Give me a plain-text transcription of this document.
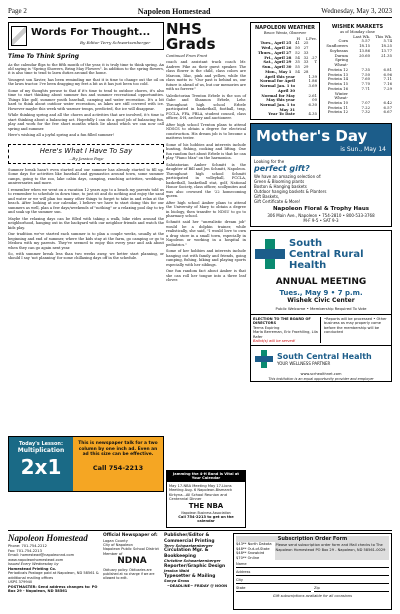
Page 2	Napoleon Homestead	Wednesday, May 3, 2023
Words For Thought...
By Editor Terry Schwartzenberger
Time To Think Spring

As the calendar flips to the fifth month of the year, it is truly time to think spring. An old saying is "Spring Showers, Bring May Flowers". In addition to the spring flowers, it is also time to tend to lawn duties around the home.

Youngest son Xavier, has been reminding me that it is time to change out the oil on the lawn tractor. I've been dragging my feet a bit as it has just been too cold.

Some of my thoughts peruse to that if it's time to tend to outdoor chores, it's also time to start thinking about summer fun and summer recreational opportunities. Things like golf, summer youth baseball, camping and water recreation. It's a bit hard to think about outdoor water recreation, as lakes are still covered with ice. However maybe this week with warmer temps, predicted, the ice will disappear.

While thinking spring and all the chores and activities that are involved, it's time to start thinking about a balancing act. Hopefully I can do a good job of balancing fun, play and work for the few short months which lie ahead which we can now call spring and summer.

Here's wishing all a joyful spring and a fun filled summer!

Here's What I Have To Say
...By Jessica Faye

Summer break hasn't even started and our summer has already started to fill up. Some days for activities like baseball and gymnastics around town, some summer camps, going to the zoo, lake cabin days, camping, ranching activities, weddings, anniversaries and more.

I remember when we went on a vacation 12 years ago to a beach my parents told us to remember to schedule in down time, to just sit and do nothing and enjoy the sand and water or we will plan too many other things to forget to take in and relax at the beach. After looking at our calendar, I believe we have to start doing this for our summers as well, plan a few days/weekends of "nothing" or a relaxing pool day to try and soak up the summer sun.

Maybe the relaxing days can be filled with taking a walk, bike rides around the neighborhood, hanging out in the backyard with our neighbor friends and watch the kids play.

Our tradition we've started each summer is to plan a couple weeks, usually at the beginning and end of summer, where the kids stay at the farm, go camping or go to Medora with my parents. They've seemed to enjoy this every year and ask about when they can go again next year.

So, with summer break less than two weeks away, we better start planning, or should I say 'not planning' for some chillaxing days off in the schedule.

Today's Lesson:
Multiplication
2x1
This is newspaper talk for a two column by one inch ad. Even an ad this size can be effective.
Call 754-2213
NHS Grads
Continued From Front

coach and assistant track coach Mr. Andrew Pike as their guest speaker. The class flower is the child, class colors are Maroon, lilac, pink and yellow, while the class motto is: "Our past is behind us, our future is ahead of us, but our memories are with us forever."

Valedictorian Trenton Erbele is the son of Gabe and Shannon Erbele, Lehr. Throughout high school Erbele participated in basketball, football, trap, FCCLA, FFA, FBLA, student council, class officer, 4-H, archery and auctioneer.

After high school Trenton plans to attend NDSCS to obtain a degree for electrical construction. His dream job is to become a mattress tester.

Some of his hobbies and interests include hunting, fishing, cooking and lifting. One fun random fact about Erbele is that he can play "Piano Man" on the harmonica.

Salutatorian Amber Schmitt is the daughter of Bill and Jen Schmitt, Napoleon. Throughout high school Schmitt participated in volleyball, FCCLA, basketball, basketball stat, golf, National Honor Society, class officer, scollymites and was also crowned the '22 homecoming queen.

After high school Amber plans to attend the University of Mary to obtain a degree in biology, then transfer to NDSU to go to pharmacy school.

Schmitt said her "unrealistic dream job" would be a dolphin trainer, while realistically, she said, "I would love to own a drug store in a small town, especially in Napoleon or working in a hospital in pediatrics."

Some of her hobbies and interests include hanging out with family and friends, going camping, fishing, hiking and playing sports especially with her siblings.

One fun random fact about Amber is that she can roll her tongue into a three leaf clover.

Jamming the 4-H Band Is Vital at Your Calendar
May 17-NBA Meeting May 17-Lions Meeting Aug. 6 Napoleon-Bismarck Kirkyna...All School Reunion and Centennial Dinner
THE NBA
Napoleon Business Association
Call 754-2213 to get on the calendar
NAPOLEON WEATHER
Bruce Wentz, Observer
H	L Pre.
Tues., April 25 41 25
Wed., April 26 50 27
Thurs., April 27 52 33
Fri., April 28 54 32 .27
Sat., April 29 35 33	T
Sun., April 30 55 29
Mon., May 1 54 28
April this year	1.39
Normal for April	1.86
Normal Jan. 1 to April 30
3.69
Normal for May	2.61
May this year	00
Normal Jan. 1 to May 31
6.30
Year To Date	4.35
WISHEK MARKETS
as of Monday close
Last Wk.	This Wk.
Corn	5.57	5.74
Sunflowers	18.15	18.25
Soybeans	13.86	13.77
Durum	20.60	21.35
Spring Wheat-
Protein 12	7.35	6.81
Protein 13	7.50	6.96
Protein 14	7.60	7.11
Protein 15	7.70	7.16
Protein 16	7.71	7.29
Winter Wheat-
Protein 10	7.07	6.42
Protein 11	7.22	6.57
Protein 12	7.32	6.67
Mother's Day
is Sun., May 14
Looking for the
perfect gift?
We have an amazing selection of:
Green & Blooming plants
Boston & Hanging baskets
Outdoor hanging baskets & Planters
Gift Baskets,
Gift Certificate & More!
Napoleon Floral & Trophy Haus
306 Main Ave., Napoleon • 754-2810 • 800-533-3768
M-F 9-5 • SAT 9-3
South
Central Rural
Health
ANNUAL MEETING
Tues., May 9 • 7 p.m.
Wishek Civic Center
Public Welcome • Membership Required To Vote
ELECTION TO THE BOARD OF DIRECTORS
Terms Expiring
Marla Berreman, Eric Froehlling, Lila Rafer
Ballot(s) will be served!
•Reports will be processed • Other business as may properly come before the membership will be conducted
South Central Health
YOUR WELLNESS PARTNER
www.scrhealthnet.com
This institution is an equal opportunity provider and employer
Napoleon Homestead
Phone: 701-754-2212
Fax: 701-754-2213
Email: homestead@napoleonnd.com
www.napoleonhomestead.com
Issued Every Wednesday by
Homestead Printing Co.
Periodicals Postage paid at Napoleon, ND 58561 & additional mailing offices
USPS 379940
POSTMASTER: Send address changes to: PO Box 29 - Napoleon, ND 58561
Official Newspaper of:
Logan County
City of Napoleon
Napoleon Public School District
Member of
NDNA
Obituary policy: Obituaries are published at no charge if we are allowed to edit.
Publisher/Editor & Commercial Printing
Terry Schwartzenberger
Circulation Mgr. & Bookkeeping
Christine Schwartzenberger
Reporter/Graphic Design
Jessica Wald
Typesetter & Mailing
Sonya Gross
~DEADLINE~ FRIDAY @ NOON
Subscription Order Form
$43** North Dakota
$48** Out-of-State
$48** Snowbird
$70** Online
Please send subscription order form and Mail checks to The Napoleon Homestead PO Box 29 - Napoleon, ND 58561-0029
Name
Address
City
State	Zip
Gift subscriptions available for all occasions
